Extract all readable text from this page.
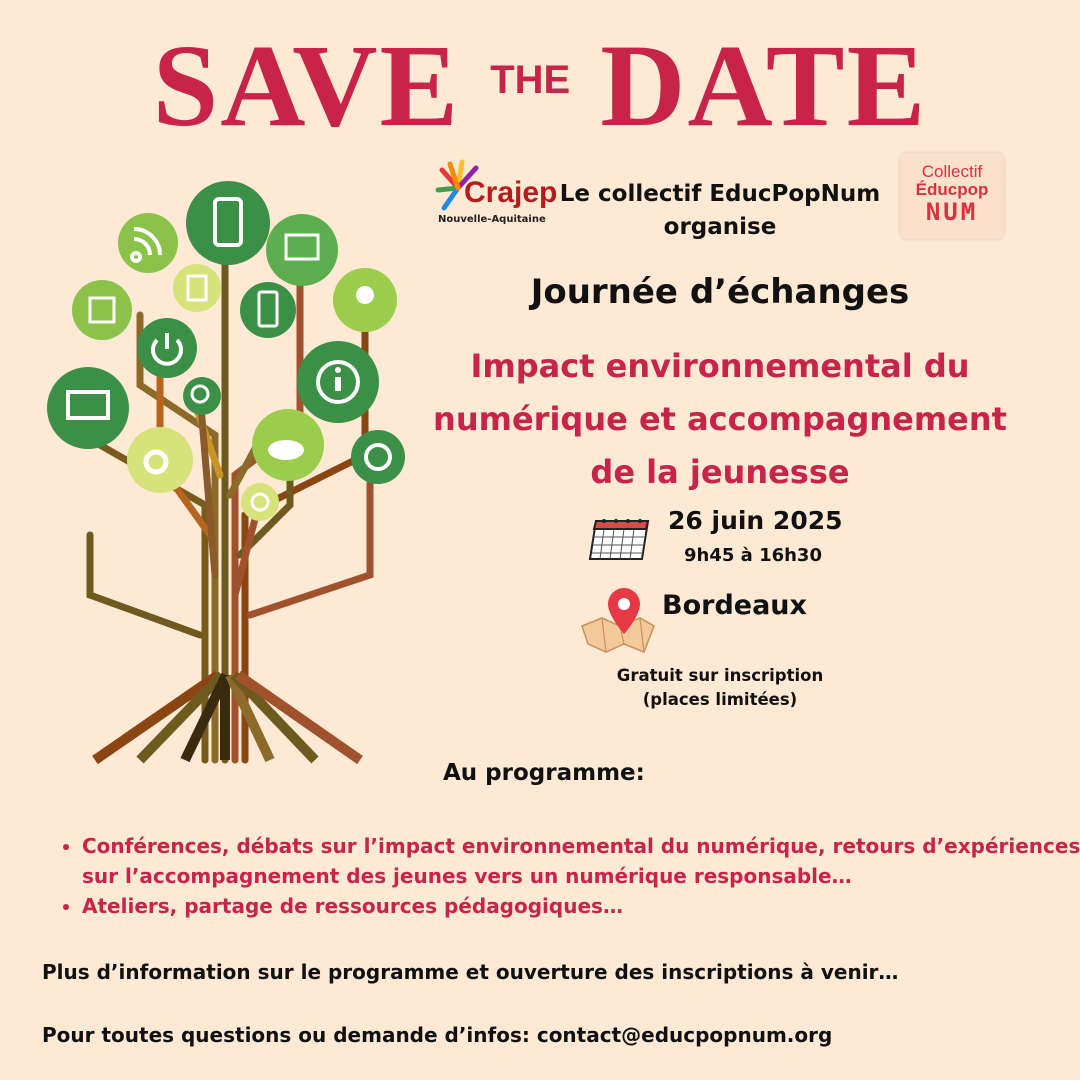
SAVE THE DATE
Crajep
Nouvelle-Aquitaine
Le collectif EducPopNum
organise
Collectif
Éducpop
NUM
Journée d’échanges
Impact environnemental du
numérique et accompagnement
de la jeunesse
26 juin 2025
9h45 à 16h30
Bordeaux
Gratuit sur inscription
(places limitées)
Au programme:
• Conférences, débats sur l’impact environnemental du numérique, retours d’expériences sur l’accompagnement des jeunes vers un numérique responsable…
• Ateliers, partage de ressources pédagogiques…
Plus d’information sur le programme et ouverture des inscriptions à venir…
Pour toutes questions ou demande d’infos: contact@educpopnum.org
